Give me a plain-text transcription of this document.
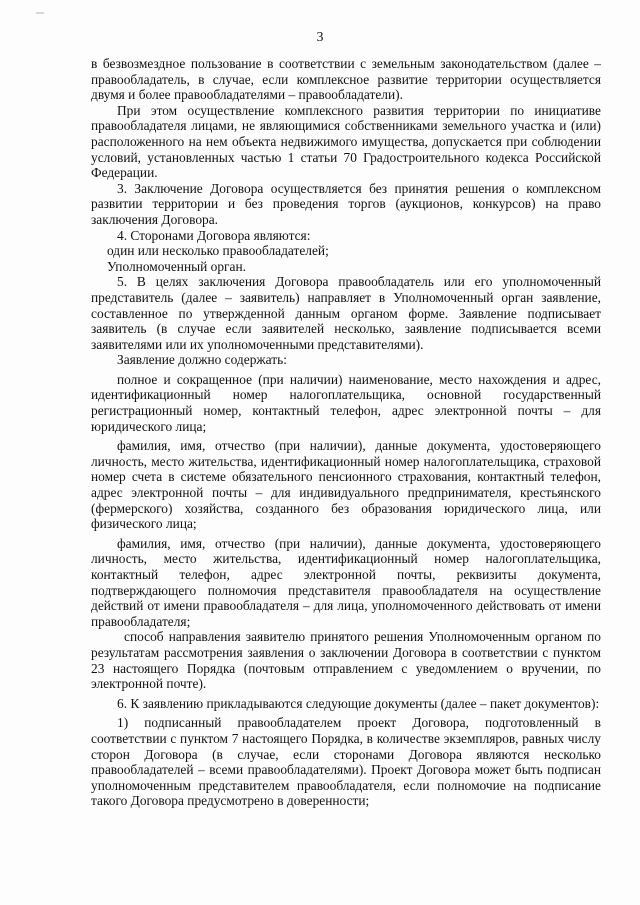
3

в безвозмездное пользование в соответствии с земельным законодательством (далее – правообладатель, в случае, если комплексное развитие территории осуществляется двумя и более правообладателями – правообладатели).

При этом осуществление комплексного развития территории по инициативе правообладателя лицами, не являющимися собственниками земельного участка и (или) расположенного на нем объекта недвижимого имущества, допускается при соблюдении условий, установленных частью 1 статьи 70 Градостроительного кодекса Российской Федерации.

3. Заключение Договора осуществляется без принятия решения о комплексном развитии территории и без проведения торгов (аукционов, конкурсов) на право заключения Договора.

4. Сторонами Договора являются:

один или несколько правообладателей;

Уполномоченный орган.

5. В целях заключения Договора правообладатель или его уполномоченный представитель (далее – заявитель) направляет в Уполномоченный орган заявление, составленное по утвержденной данным органом форме. Заявление подписывает заявитель (в случае если заявителей несколько, заявление подписывается всеми заявителями или их уполномоченными представителями).

Заявление должно содержать:

полное и сокращенное (при наличии) наименование, место нахождения и адрес, идентификационный номер налогоплательщика, основной государственный регистрационный номер, контактный телефон, адрес электронной почты – для юридического лица;

фамилия, имя, отчество (при наличии), данные документа, удостоверяющего личность, место жительства, идентификационный номер налогоплательщика, страховой номер счета в системе обязательного пенсионного страхования, контактный телефон, адрес электронной почты – для индивидуального предпринимателя, крестьянского (фермерского) хозяйства, созданного без образования юридического лица, или физического лица;

фамилия, имя, отчество (при наличии), данные документа, удостоверяющего личность, место жительства, идентификационный номер налогоплательщика, контактный телефон, адрес электронной почты, реквизиты документа, подтверждающего полномочия представителя правообладателя на осуществление действий от имени правообладателя – для лица, уполномоченного действовать от имени правообладателя;

способ направления заявителю принятого решения Уполномоченным органом по результатам рассмотрения заявления о заключении Договора в соответствии с пунктом 23 настоящего Порядка (почтовым отправлением с уведомлением о вручении, по электронной почте).

6. К заявлению прикладываются следующие документы (далее – пакет документов):

1) подписанный правообладателем проект Договора, подготовленный в соответствии с пунктом 7 настоящего Порядка, в количестве экземпляров, равных числу сторон Договора (в случае, если сторонами Договора являются несколько правообладателей – всеми правообладателями). Проект Договора может быть подписан уполномоченным представителем правообладателя, если полномочие на подписание такого Договора предусмотрено в доверенности;
